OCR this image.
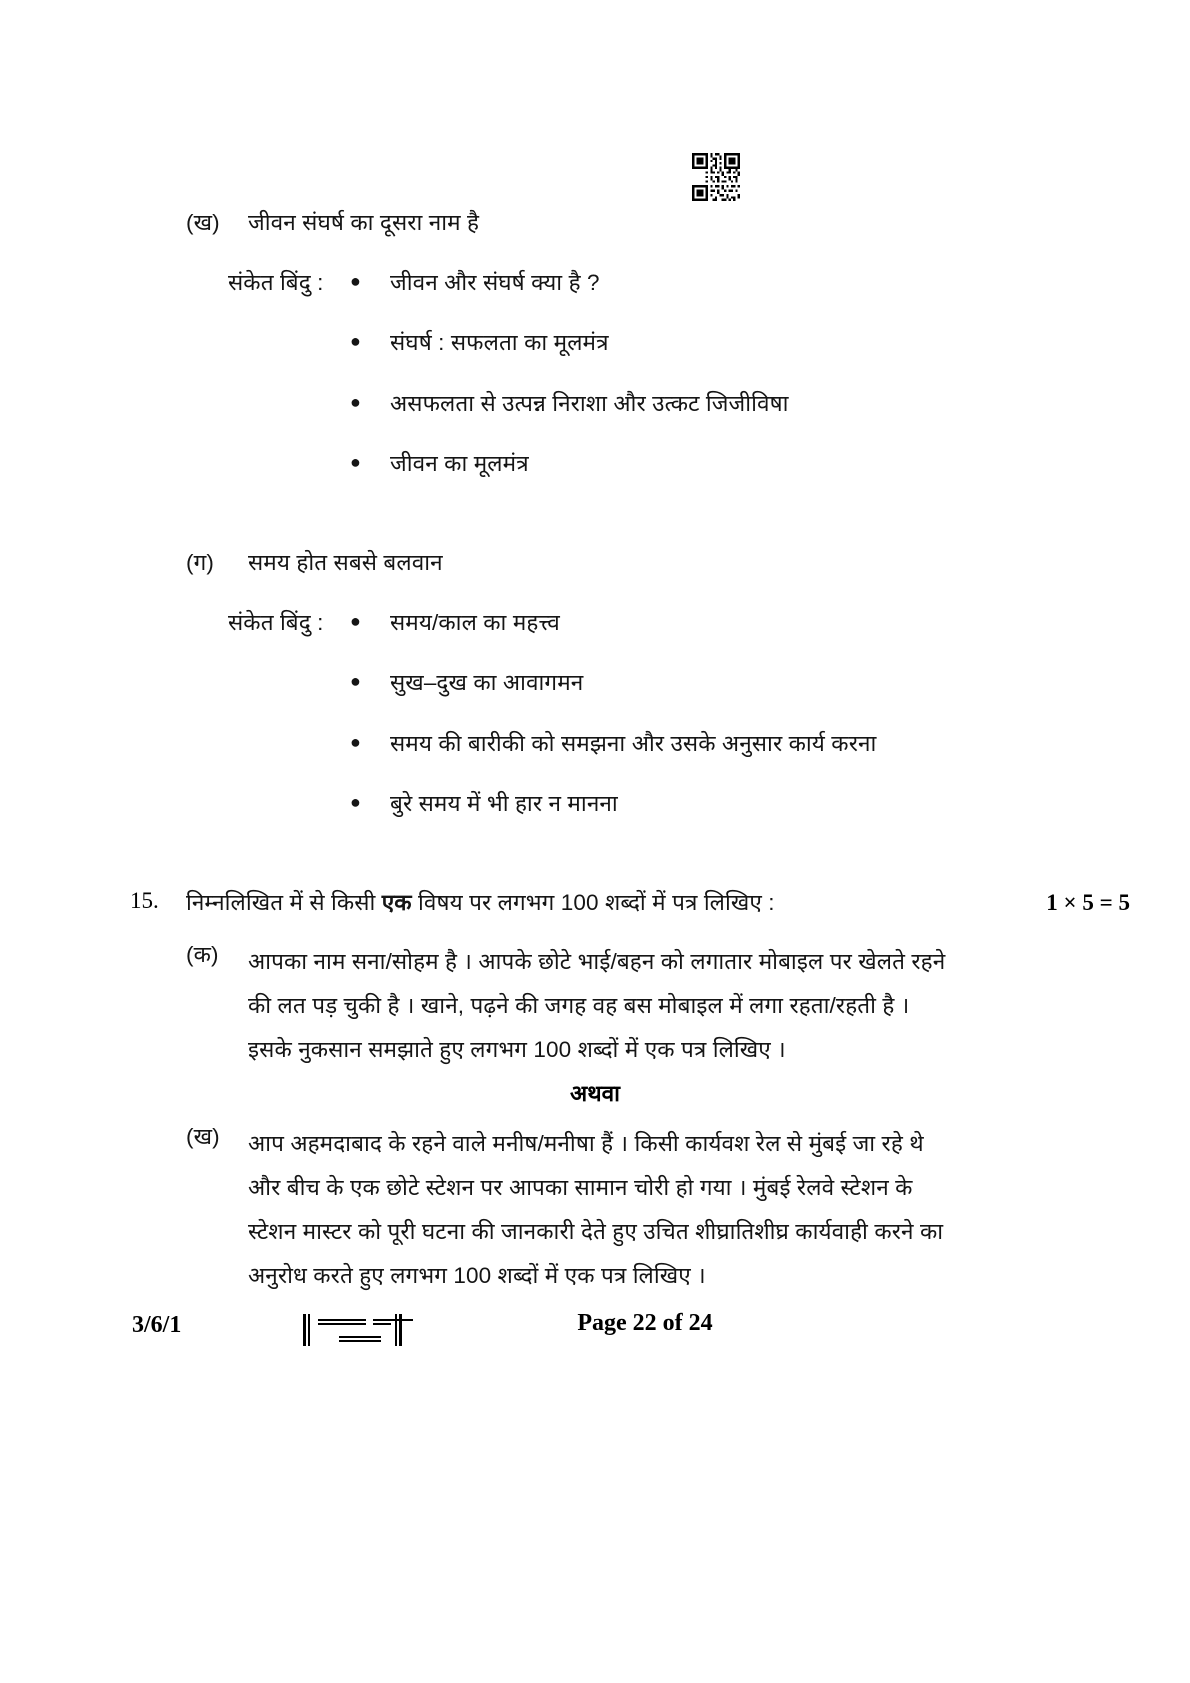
(ख)	जीवन संघर्ष का दूसरा नाम है
संकेत बिंदु :	●	जीवन और संघर्ष क्या है ?
●	संघर्ष : सफलता का मूलमंत्र
●	असफलता से उत्पन्न निराशा और उत्कट जिजीविषा
●	जीवन का मूलमंत्र
(ग)	समय होत सबसे बलवान
संकेत बिंदु :	●	समय/काल का महत्त्व
●	सुख–दुख का आवागमन
●	समय की बारीकी को समझना और उसके अनुसार कार्य करना
●	बुरे समय में भी हार न मानना
15.	निम्नलिखित में से किसी एक विषय पर लगभग 100 शब्दों में पत्र लिखिए :	1 × 5 = 5
(क)	आपका नाम सना/सोहम है । आपके छोटे भाई/बहन को लगातार मोबाइल पर खेलते रहने
की लत पड़ चुकी है । खाने, पढ़ने की जगह वह बस मोबाइल में लगा रहता/रहती है ।
इसके नुकसान समझाते हुए लगभग 100 शब्दों में एक पत्र लिखिए ।
अथवा
(ख)	आप अहमदाबाद के रहने वाले मनीष/मनीषा हैं । किसी कार्यवश रेल से मुंबई जा रहे थे
और बीच के एक छोटे स्टेशन पर आपका सामान चोरी हो गया । मुंबई रेलवे स्टेशन के
स्टेशन मास्टर को पूरी घटना की जानकारी देते हुए उचित शीघ्रातिशीघ्र कार्यवाही करने का
अनुरोध करते हुए लगभग 100 शब्दों में एक पत्र लिखिए ।
3/6/1	Page 22 of 24
